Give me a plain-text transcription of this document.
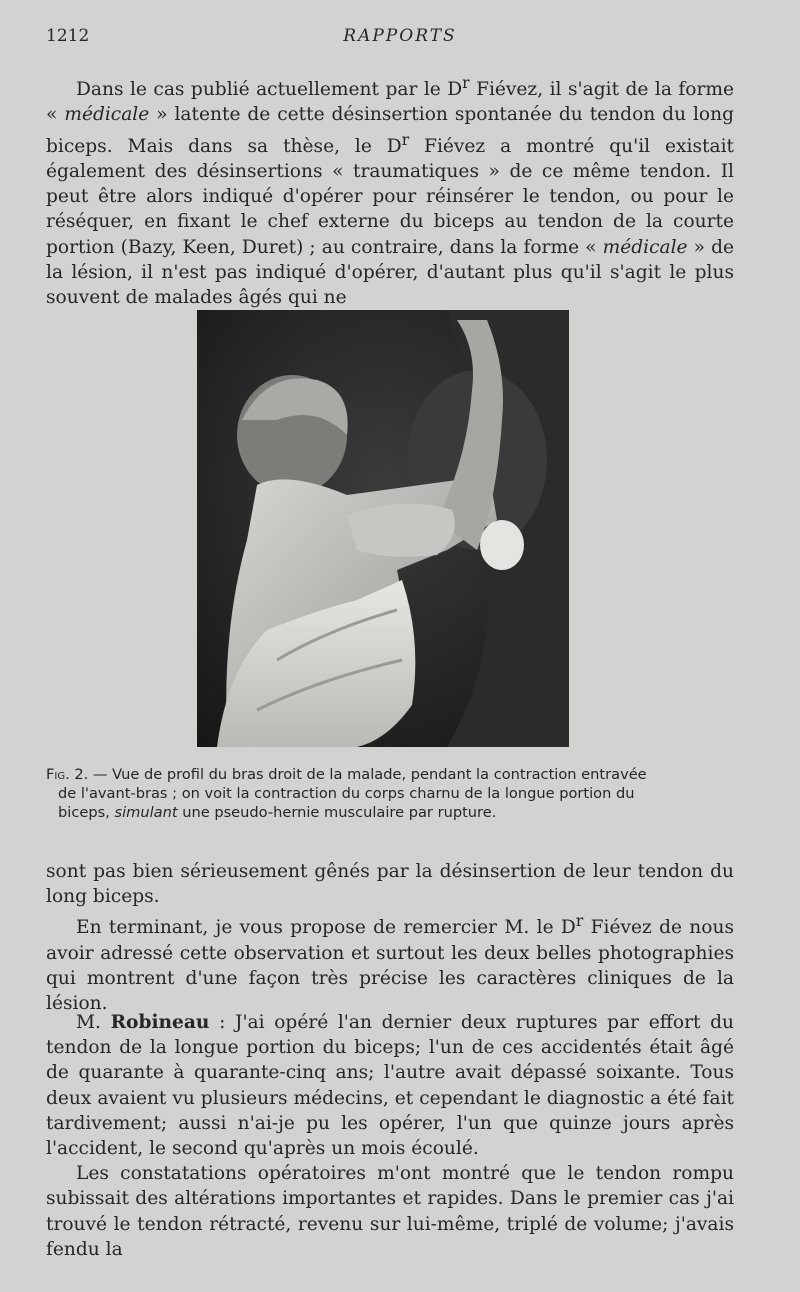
1212	RAPPORTS

Dans le cas publié actuellement par le $D^r$ Fiévez, il s'agit de la forme « médicale » latente de cette désinsertion spontanée du tendon du long biceps. Mais dans sa thèse, le $D^r$ Fiévez a montré qu'il existait également des désinsertions « traumatiques » de ce même tendon. Il peut être alors indiqué d'opérer pour réinsérer le tendon, ou pour le réséquer, en fixant le chef externe du biceps au tendon de la courte portion (Bazy, Keen, Duret) ; au contraire, dans la forme « médicale » de la lésion, il n'est pas indiqué d'opérer, d'autant plus qu'il s'agit le plus souvent de malades âgés qui ne

Fig. 2. — Vue de profil du bras droit de la malade, pendant la contraction entravée
de l'avant-bras ; on voit la contraction du corps charnu de la longue portion du
biceps, simulant une pseudo-hernie musculaire par rupture.

sont pas bien sérieusement gênés par la désinsertion de leur tendon du long biceps.

En terminant, je vous propose de remercier M. le $D^r$ Fiévez de nous avoir adressé cette observation et surtout les deux belles photographies qui montrent d'une façon très précise les caractères cliniques de la lésion.

M. Robineau : J'ai opéré l'an dernier deux ruptures par effort du tendon de la longue portion du biceps; l'un de ces accidentés était âgé de quarante à quarante-cinq ans; l'autre avait dépassé soixante. Tous deux avaient vu plusieurs médecins, et cependant le diagnostic a été fait tardivement; aussi n'ai-je pu les opérer, l'un que quinze jours après l'accident, le second qu'après un mois écoulé.

Les constatations opératoires m'ont montré que le tendon rompu subissait des altérations importantes et rapides. Dans le premier cas j'ai trouvé le tendon rétracté, revenu sur lui-même, triplé de volume; j'avais fendu la
